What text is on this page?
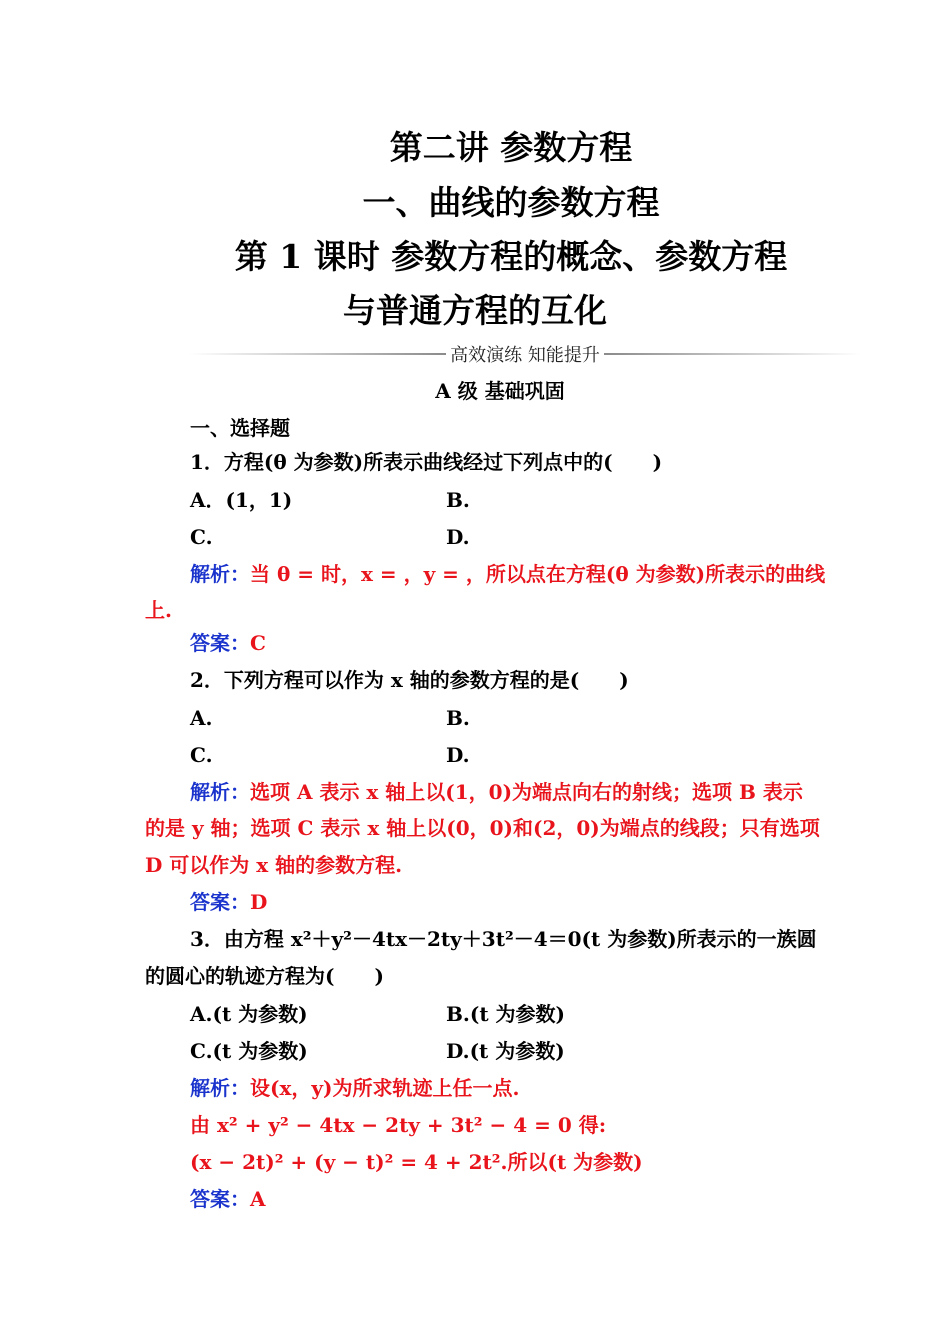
第二讲 参数方程
一、曲线的参数方程
第 1 课时 参数方程的概念、参数方程
与普通方程的互化
高效演练 知能提升
A 级 基础巩固
一、选择题
1．方程(θ 为参数)所表示曲线经过下列点中的(　　)
A．(1，1)	B.
C.	D.
解析：当 θ = 时，x = ，y = ，所以点在方程(θ 为参数)所表示的曲线
上.
答案：C
2．下列方程可以作为 x 轴的参数方程的是(　　)
A.	B.
C.	D.
解析：选项 A 表示 x 轴上以(1，0)为端点向右的射线；选项 B 表示
的是 y 轴；选项 C 表示 x 轴上以(0，0)和(2，0)为端点的线段；只有选项
D 可以作为 x 轴的参数方程.
答案：D
3．由方程 x²＋y²－4tx－2ty＋3t²－4＝0(t 为参数)所表示的一族圆
的圆心的轨迹方程为(　　)
A.(t 为参数)	B.(t 为参数)
C.(t 为参数)	D.(t 为参数)
解析：设(x，y)为所求轨迹上任一点.
由 x² + y² − 4tx − 2ty + 3t² − 4 = 0 得:
(x − 2t)² + (y − t)² = 4 + 2t².所以(t 为参数)
答案：A
